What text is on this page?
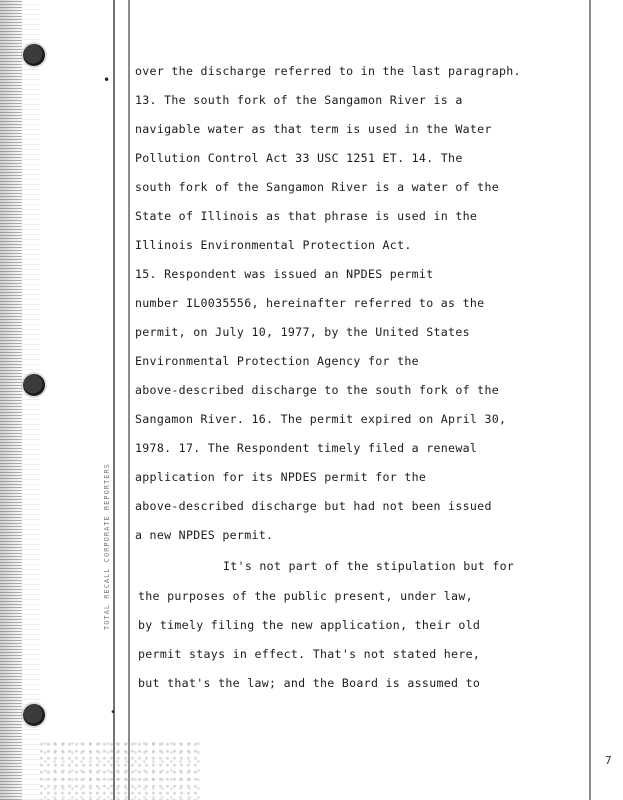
TOTAL RECALL CORPORATE REPORTERS
•
•
7
over the discharge referred to in the last paragraph.
13. The south fork of the Sangamon River is a
navigable water as that term is used in the Water
Pollution Control Act 33 USC 1251 ET. 14. The
south fork of the Sangamon River is a water of the
State of Illinois as that phrase is used in the
Illinois Environmental Protection Act.
15. Respondent was issued an NPDES permit
number IL0035556, hereinafter referred to as the
permit, on July 10, 1977, by the United States
Environmental Protection Agency for the
above-described discharge to the south fork of the
Sangamon River. 16. The permit expired on April 30,
1978. 17. The Respondent timely filed a renewal
application for its NPDES permit for the
above-described discharge but had not been issued
a new NPDES permit.
It's not part of the stipulation but for
the purposes of the public present, under law,
by timely filing the new application, their old
permit stays in effect. That's not stated here,
but that's the law; and the Board is assumed to
